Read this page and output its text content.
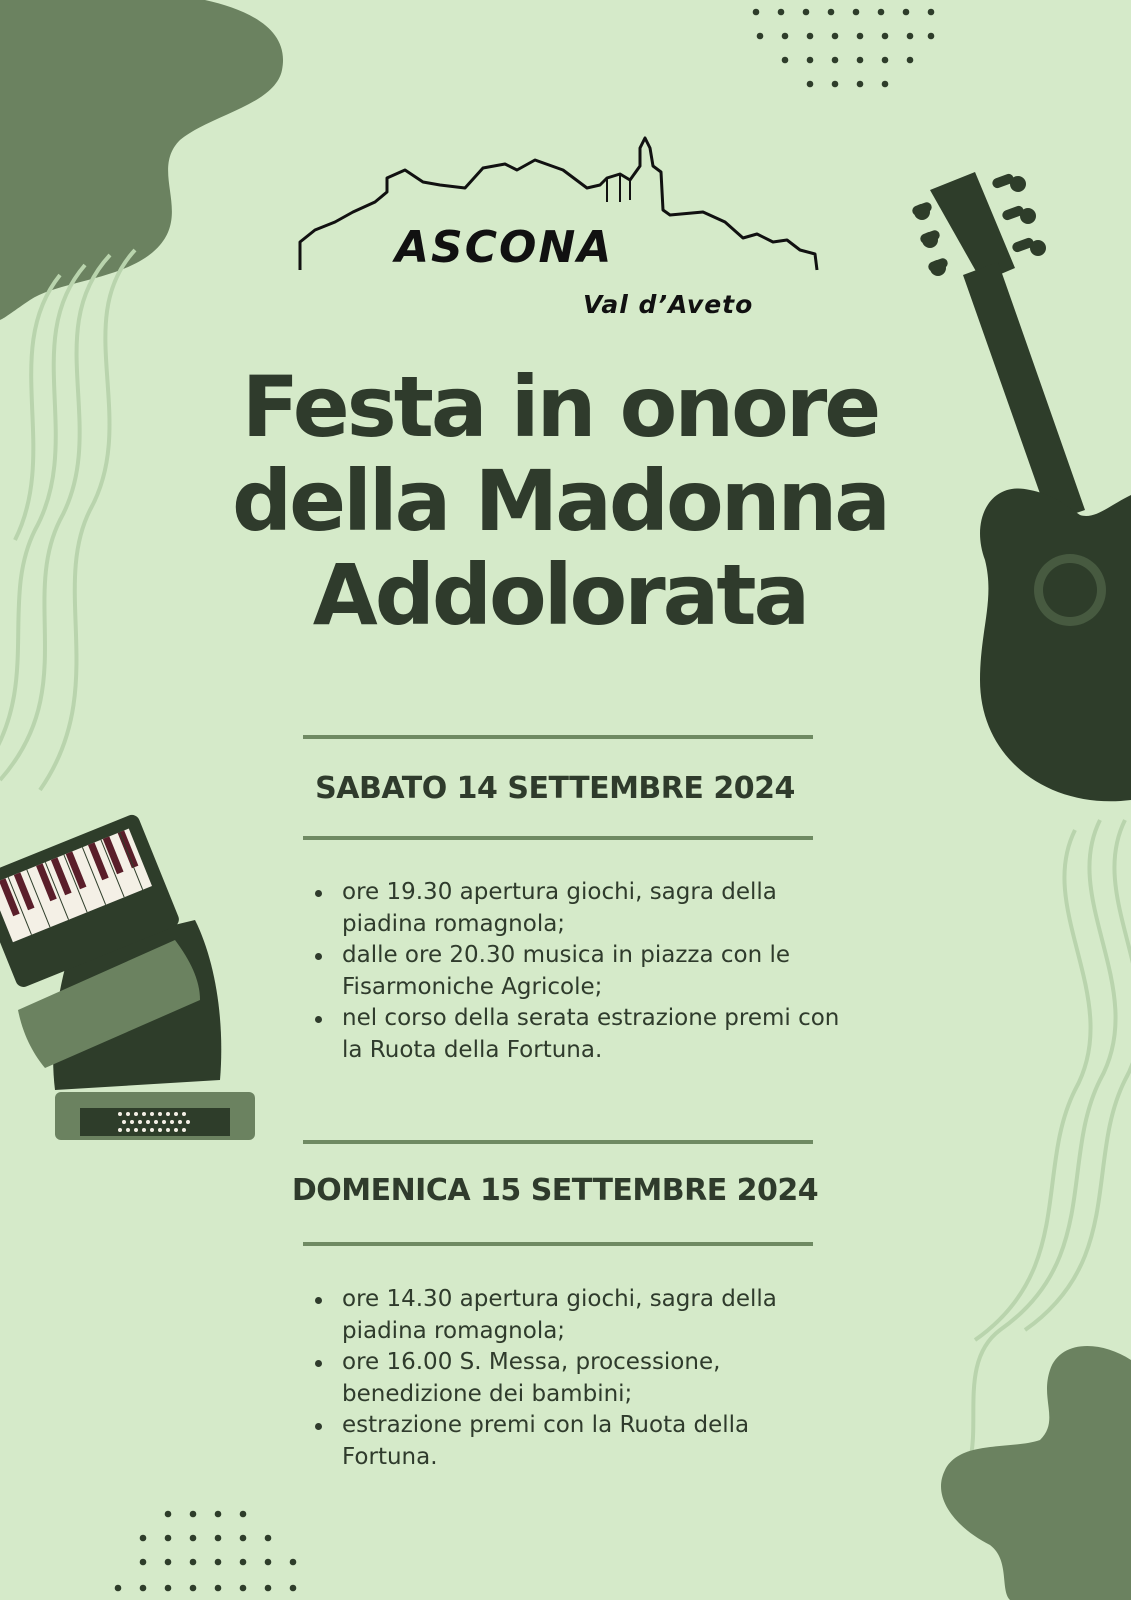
ASCONA
Val d’Aveto
Festa in onore
della Madonna
Addolorata
SABATO 14 SETTEMBRE 2024
ore 19.30 apertura giochi, sagra della piadina romagnola;
dalle ore 20.30 musica in piazza con le Fisarmoniche Agricole;
nel corso della serata estrazione premi con la Ruota della Fortuna.
DOMENICA 15 SETTEMBRE 2024
ore 14.30 apertura giochi, sagra della piadina romagnola;
ore 16.00 S. Messa, processione, benedizione dei bambini;
estrazione premi con la Ruota della Fortuna.
